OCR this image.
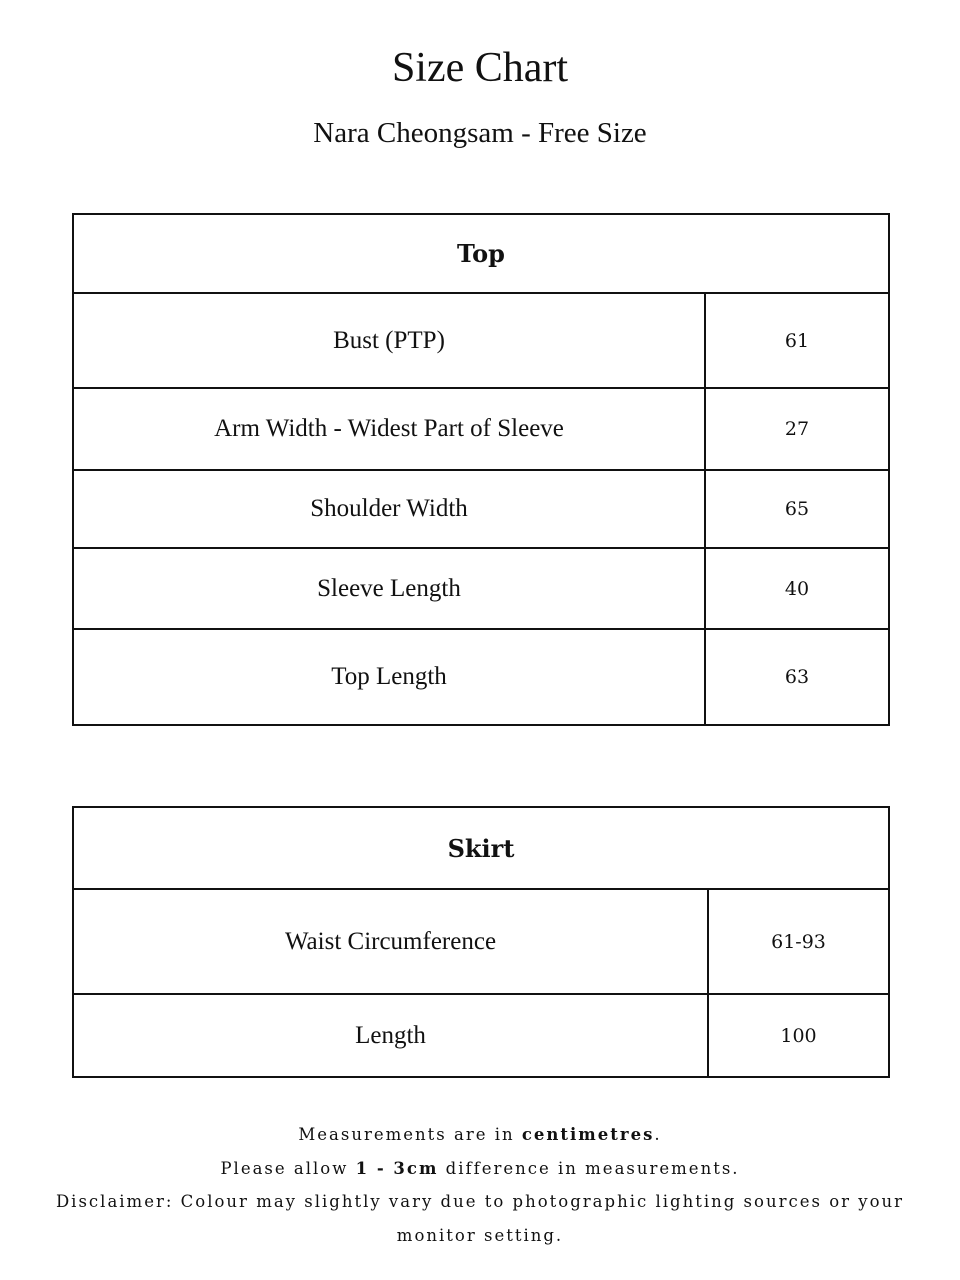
Size Chart
Nara Cheongsam - Free Size
Top	
Bust (PTP)	61
Arm Width - Widest Part of Sleeve	27
Shoulder Width	65
Sleeve Length	40
Top Length	63
Skirt	
Waist Circumference	61-93
Length	100

Measurements are in centimetres.

Please allow 1 - 3cm difference in measurements.

Disclaimer: Colour may slightly vary due to photographic lighting sources or your

monitor setting.
